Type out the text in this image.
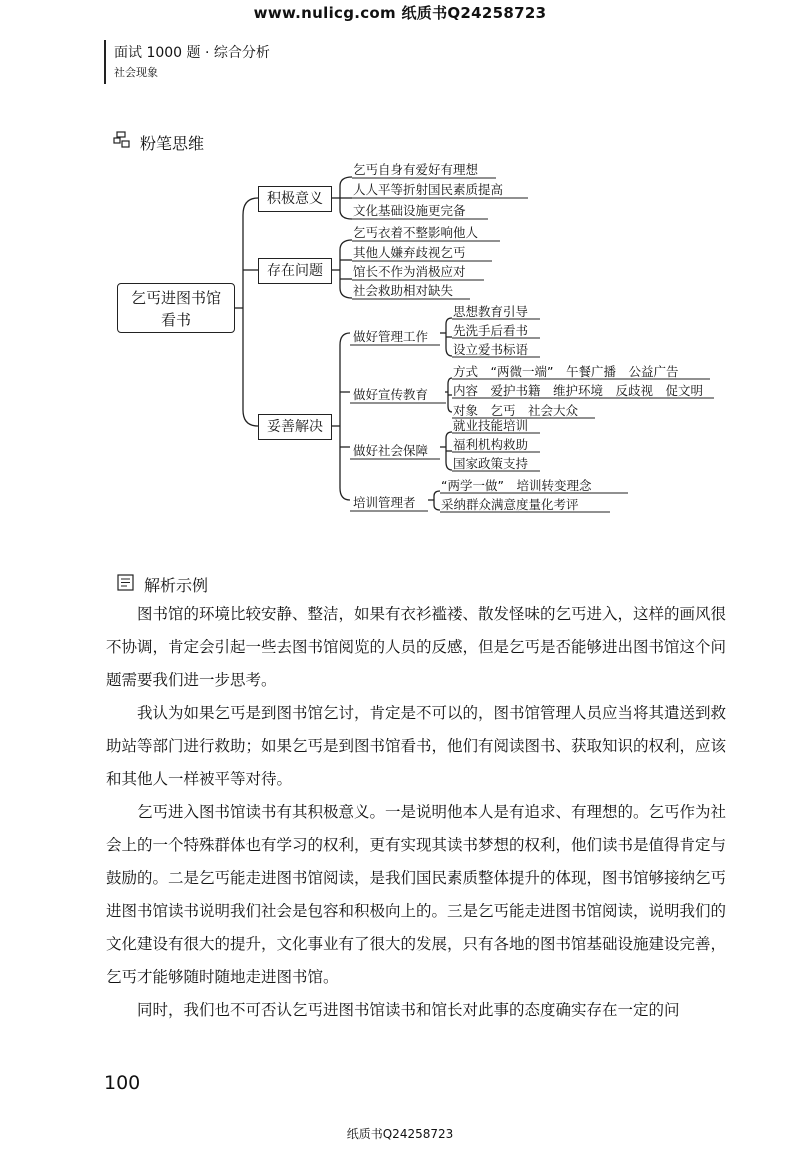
www.nulicg.com 纸质书Q24258723
面试 1000 题 · 综合分析
社会现象
粉笔思维
乞丐进图书馆
看书
积极意义
存在问题
妥善解决
乞丐自身有爱好有理想
人人平等折射国民素质提高
文化基础设施更完备
乞丐衣着不整影响他人
其他人嫌弃歧视乞丐
馆长不作为消极应对
社会救助相对缺失
做好管理工作
思想教育引导
先洗手后看书
设立爱书标语
做好宣传教育
方式　“两微一端”　午餐广播　公益广告
内容　爱护书籍　维护环境　反歧视　促文明
对象　乞丐　社会大众
做好社会保障
就业技能培训
福利机构救助
国家政策支持
培训管理者
“两学一做”　培训转变理念
采纳群众满意度量化考评
解析示例

图书馆的环境比较安静、整洁，如果有衣衫褴褛、散发怪味的乞丐进入，这样的画风很不协调，肯定会引起一些去图书馆阅览的人员的反感，但是乞丐是否能够进出图书馆这个问题需要我们进一步思考。

我认为如果乞丐是到图书馆乞讨，肯定是不可以的，图书馆管理人员应当将其遣送到救助站等部门进行救助；如果乞丐是到图书馆看书，他们有阅读图书、获取知识的权利，应该和其他人一样被平等对待。

乞丐进入图书馆读书有其积极意义。一是说明他本人是有追求、有理想的。乞丐作为社会上的一个特殊群体也有学习的权利，更有实现其读书梦想的权利，他们读书是值得肯定与鼓励的。二是乞丐能走进图书馆阅读，是我们国民素质整体提升的体现，图书馆够接纳乞丐进图书馆读书说明我们社会是包容和积极向上的。三是乞丐能走进图书馆阅读，说明我们的文化建设有很大的提升，文化事业有了很大的发展，只有各地的图书馆基础设施建设完善，乞丐才能够随时随地走进图书馆。

同时，我们也不可否认乞丐进图书馆读书和馆长对此事的态度确实存在一定的问

100
纸质书Q24258723
